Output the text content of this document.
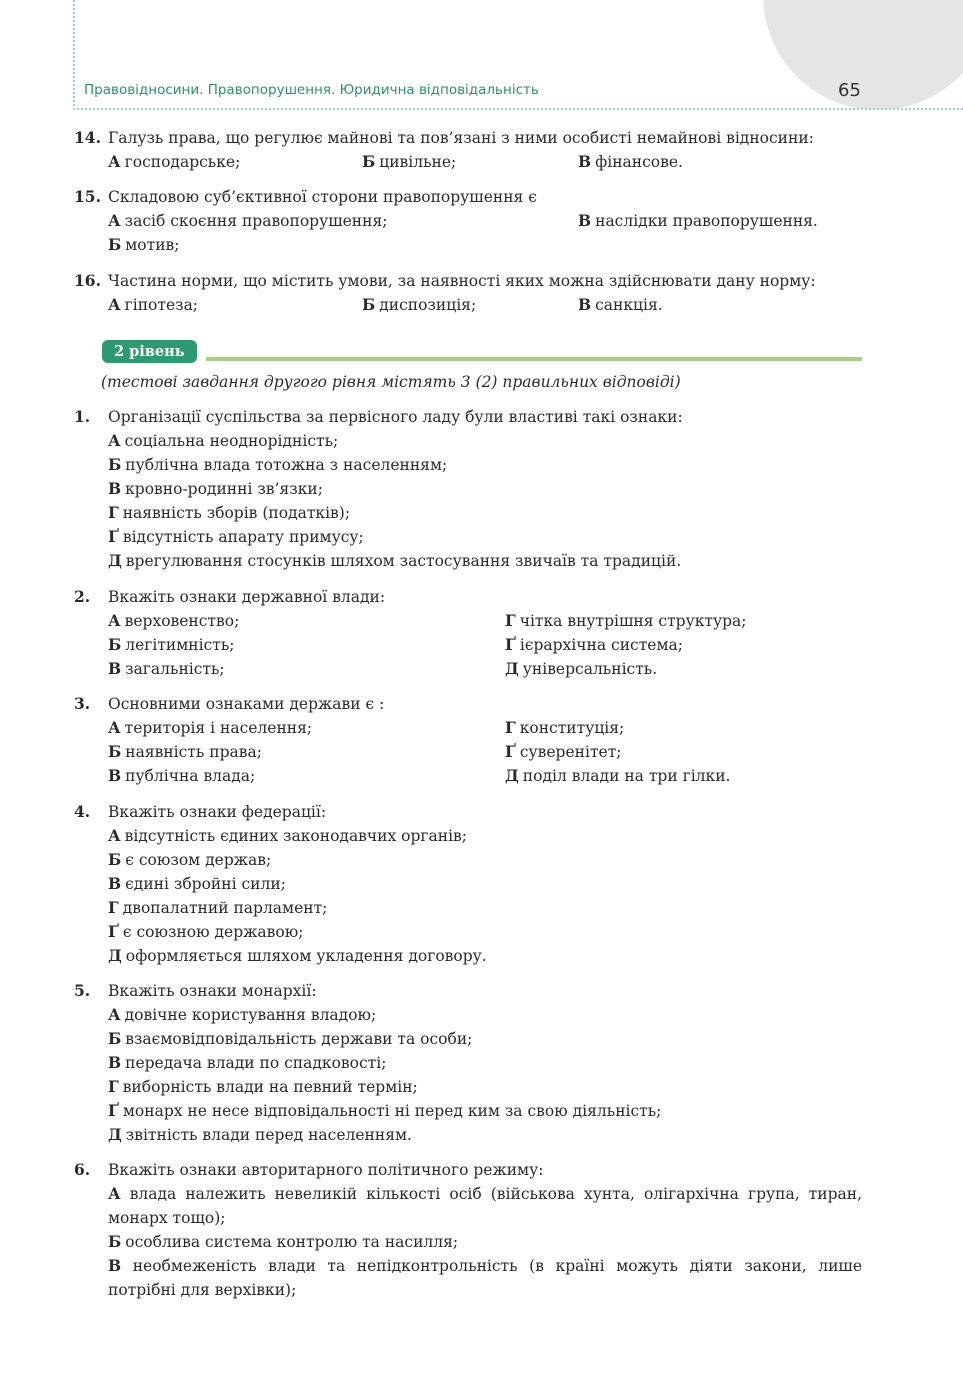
Правовідносини. Правопорушення. Юридична відповідальність	65
14. Галузь права, що регулює майнові та пов’язані з ними особисті немайнові відносини:
А господарське;	Б цивільне;	В фінансове.
15. Складовою суб’єктивної сторони правопорушення є
А засіб скоєння правопорушення;	В наслідки правопорушення.
Б мотив;
16. Частина норми, що містить умови, за наявності яких можна здійснювати дану норму:
А гіпотеза;	Б диспозиція;	В санкція.
2 рівень
(тестові завдання другого рівня містять 3 (2) правильних відповіді)
1. Організації суспільства за первісного ладу були властиві такі ознаки:
А соціальна неоднорідність;
Б публічна влада тотожна з населенням;
В кровно-родинні зв’язки;
Г наявність зборів (податків);
Ґ відсутність апарату примусу;
Д врегулювання стосунків шляхом застосування звичаїв та традицій.
2. Вкажіть ознаки державної влади:
А верховенство;
Б легітимність;
В загальність;
Г чітка внутрішня структура;
Ґ ієрархічна система;
Д універсальність.
3. Основними ознаками держави є :
А територія і населення;
Б наявність права;
В публічна влада;
Г конституція;
Ґ суверенітет;
Д поділ влади на три гілки.
4. Вкажіть ознаки федерації:
А відсутність єдиних законодавчих органів;
Б є союзом держав;
В єдині збройні сили;
Г двопалатний парламент;
Ґ є союзною державою;
Д оформляється шляхом укладення договору.
5. Вкажіть ознаки монархії:
А довічне користування владою;
Б взаємовідповідальність держави та особи;
В передача влади по спадковості;
Г виборність влади на певний термін;
Ґ монарх не несе відповідальності ні перед ким за свою діяльність;
Д звітність влади перед населенням.
6. Вкажіть ознаки авторитарного політичного режиму:
А влада належить невеликій кількості осіб (військова хунта, олігархічна група, тиран, монарх тощо);
Б особлива система контролю та насилля;
В необмеженість влади та непідконтрольність (в країні можуть діяти закони, лише потрібні для верхівки);
